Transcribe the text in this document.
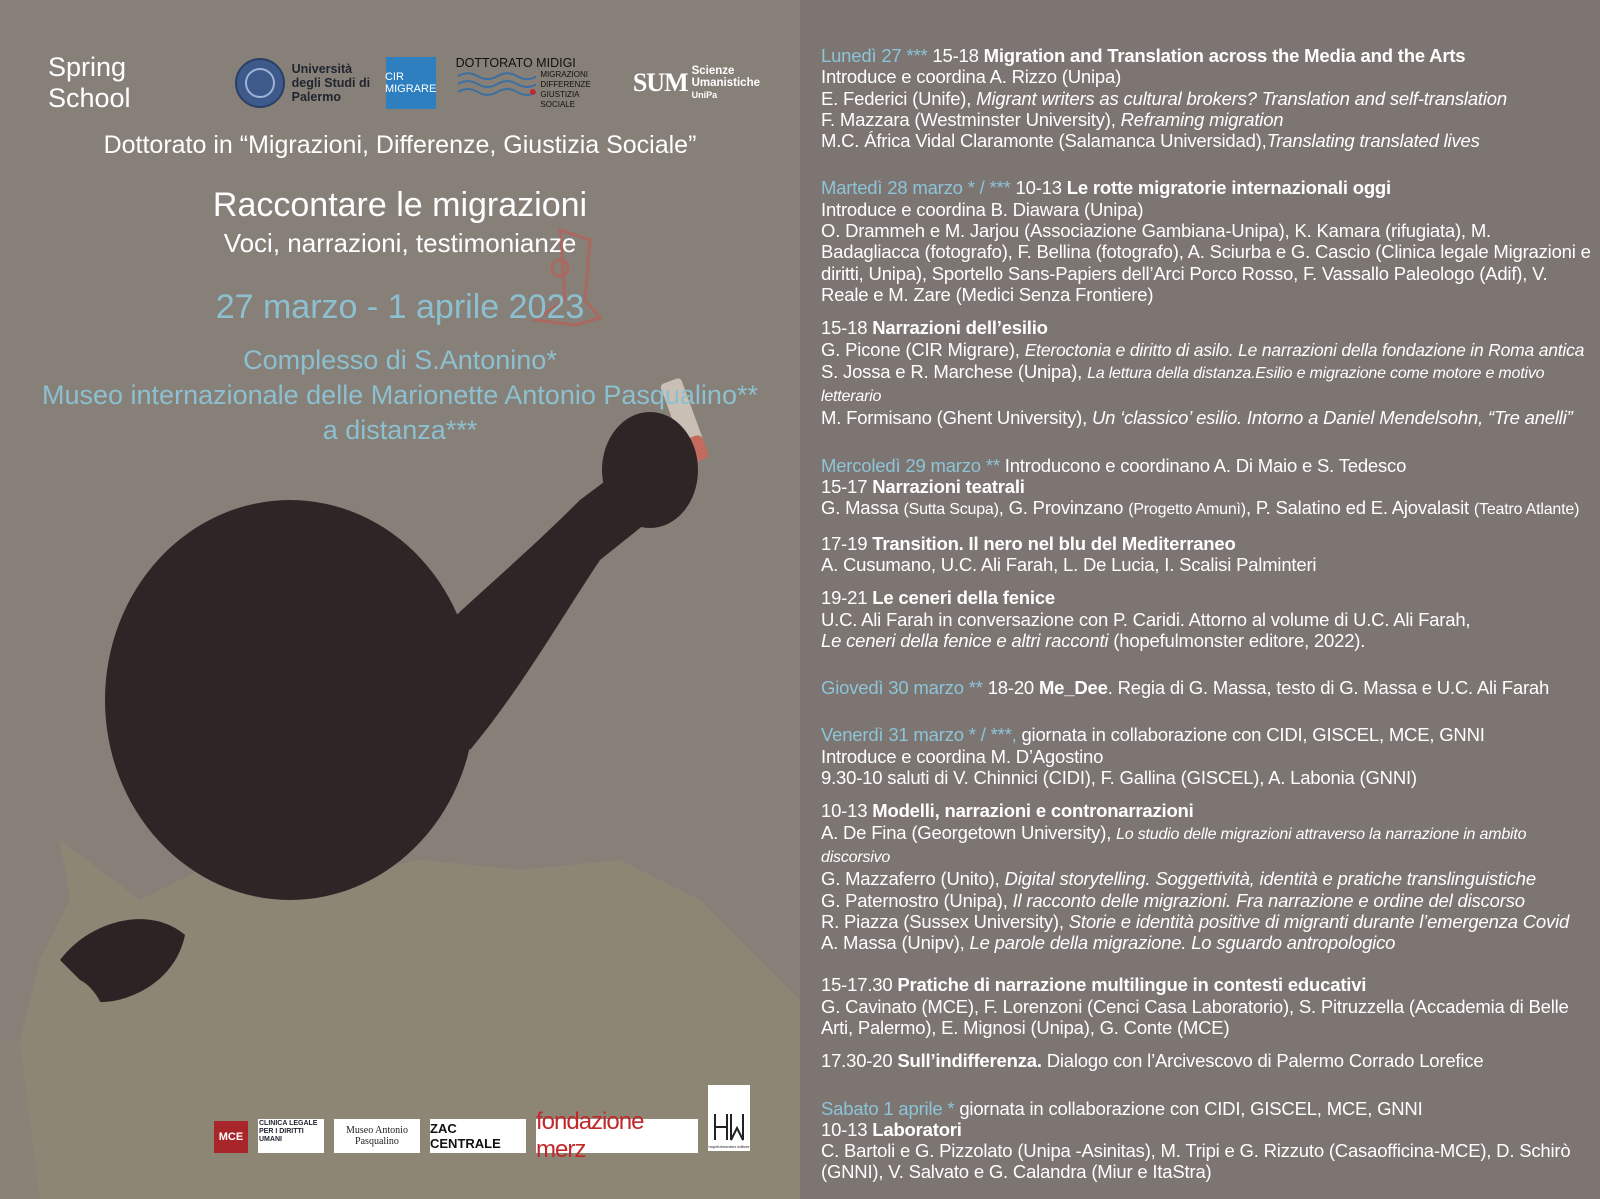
Spring School
Università degli Studi di Palermo
CIR MIGRARE
DOTTORATO MIDIGI
MIGRAZIONI
DIFFERENZE
GIUSTIZIA SOCIALE
SUM Scienze
Umanistiche
UniPa
Dottorato in “Migrazioni, Differenze, Giustizia Sociale”
Raccontare le migrazioni
Voci, narrazioni, testimonianze
27 marzo - 1 aprile 2023
Complesso di S.Antonino*
Museo internazionale delle Marionette Antonio Pasqualino**
a distanza***
MCE
CLINICA LEGALE PER I DIRITTI UMANI
Museo Antonio Pasqualino
ZAC CENTRALE
fondazione merz	hopefulmonster editore
Lunedì 27 *** 15-18 Migration and Translation across the Media and the Arts
Introduce e coordina A. Rizzo (Unipa)
E. Federici (Unife), Migrant writers as cultural brokers? Translation and self-translation
F. Mazzara (Westminster University), Reframing migration
M.C. África Vidal Claramonte (Salamanca Universidad),Translating translated lives
Martedì 28 marzo * / *** 10-13 Le rotte migratorie internazionali oggi
Introduce e coordina B. Diawara (Unipa)
O. Drammeh e M. Jarjou (Associazione Gambiana-Unipa), K. Kamara (rifugiata), M. Badagliacca (fotografo), F. Bellina (fotografo), A. Sciurba e G. Cascio (Clinica legale Migrazioni e diritti, Unipa), Sportello Sans-Papiers dell’Arci Porco Rosso, F. Vassallo Paleologo (Adif), V. Reale e M. Zare (Medici Senza Frontiere)
15-18 Narrazioni dell’esilio
G. Picone (CIR Migrare), Eteroctonia e diritto di asilo. Le narrazioni della fondazione in Roma antica
S. Jossa e R. Marchese (Unipa), La lettura della distanza.Esilio e migrazione come motore e motivo letterario
M. Formisano (Ghent University), Un ‘classico’ esilio. Intorno a Daniel Mendelsohn, “Tre anelli”
Mercoledì 29 marzo ** Introducono e coordinano A. Di Maio e S. Tedesco
15-17 Narrazioni teatrali
G. Massa (Sutta Scupa), G. Provinzano (Progetto Amunì), P. Salatino ed E. Ajovalasit (Teatro Atlante)
17-19 Transition. Il nero nel blu del Mediterraneo
A. Cusumano, U.C. Ali Farah, L. De Lucia, I. Scalisi Palminteri
19-21 Le ceneri della fenice
U.C. Ali Farah in conversazione con P. Caridi. Attorno al volume di U.C. Ali Farah,
Le ceneri della fenice e altri racconti (hopefulmonster editore, 2022).
Giovedì 30 marzo ** 18-20 Me_Dee. Regia di G. Massa, testo di G. Massa e U.C. Ali Farah
Venerdì 31 marzo * / ***, giornata in collaborazione con CIDI, GISCEL, MCE, GNNI
Introduce e coordina M. D’Agostino
9.30-10 saluti di V. Chinnici (CIDI), F. Gallina (GISCEL), A. Labonia (GNNI)
10-13 Modelli, narrazioni e contronarrazioni
A. De Fina (Georgetown University), Lo studio delle migrazioni attraverso la narrazione in ambito discorsivo
G. Mazzaferro (Unito), Digital storytelling. Soggettività, identità e pratiche translinguistiche
G. Paternostro (Unipa), Il racconto delle migrazioni. Fra narrazione e ordine del discorso
R. Piazza (Sussex University), Storie e identità positive di migranti durante l’emergenza Covid
A. Massa (Unipv), Le parole della migrazione. Lo sguardo antropologico
15-17.30 Pratiche di narrazione multilingue in contesti educativi
G. Cavinato (MCE), F. Lorenzoni (Cenci Casa Laboratorio), S. Pitruzzella (Accademia di Belle Arti, Palermo), E. Mignosi (Unipa), G. Conte (MCE)
17.30-20 Sull’indifferenza. Dialogo con l’Arcivescovo di Palermo Corrado Lorefice
Sabato 1 aprile * giornata in collaborazione con CIDI, GISCEL, MCE, GNNI
10-13 Laboratori
C. Bartoli e G. Pizzolato (Unipa -Asinitas), M. Tripi e G. Rizzuto (Casaofficina-MCE), D. Schirò (GNNI), V. Salvato e G. Calandra (Miur e ItaStra)
